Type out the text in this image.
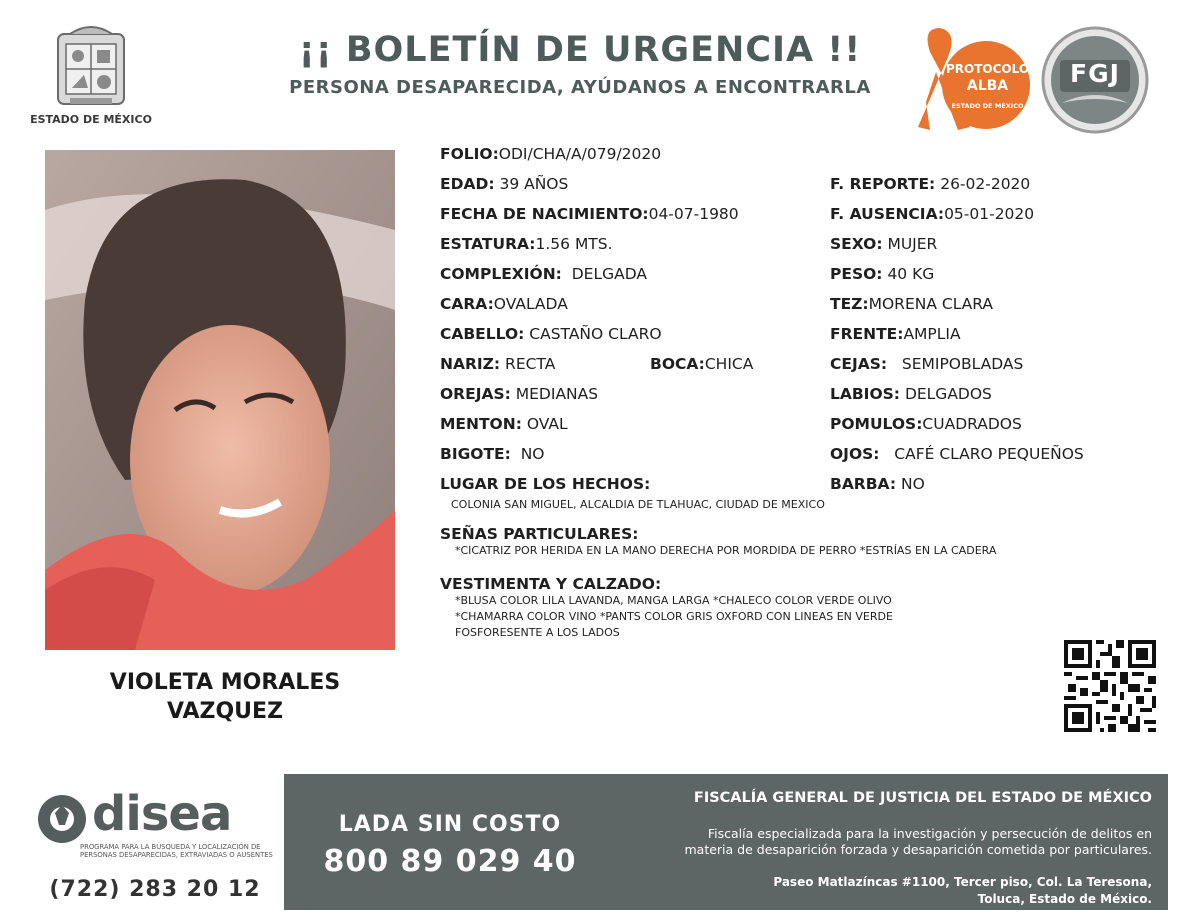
ESTADO DE MÉXICO
¡¡ BOLETÍN DE URGENCIA !!
PERSONA DESAPARECIDA, AYÚDANOS A ENCONTRARLA
PROTOCOLO
ALBA
ESTADO DE MÉXICO
FGJ
VIOLETA MORALES
VAZQUEZ
FOLIO:ODI/CHA/A/079/2020
EDAD: 39 AÑOS
FECHA DE NACIMIENTO:04-07-1980
ESTATURA:1.56 MTS.
COMPLEXIÓN: DELGADA
CARA:OVALADA
CABELLO: CASTAÑO CLARO
NARIZ: RECTA	BOCA:CHICA
OREJAS: MEDIANAS
MENTON: OVAL
BIGOTE: NO
LUGAR DE LOS HECHOS:
COLONIA SAN MIGUEL, ALCALDIA DE TLAHUAC, CIUDAD DE MEXICO
F. REPORTE: 26-02-2020
F. AUSENCIA:05-01-2020
SEXO: MUJER
PESO: 40 KG
TEZ:MORENA CLARA
FRENTE:AMPLIA
CEJAS: SEMIPOBLADAS
LABIOS: DELGADOS
POMULOS:CUADRADOS
OJOS: CAFÉ CLARO PEQUEÑOS
BARBA: NO
SEÑAS PARTICULARES:
*CICATRIZ POR HERIDA EN LA MANO DERECHA POR MORDIDA DE PERRO *ESTRÍAS EN LA CADERA
VESTIMENTA Y CALZADO:
*BLUSA COLOR LILA LAVANDA, MANGA LARGA *CHALECO COLOR VERDE OLIVO
*CHAMARRA COLOR VINO *PANTS COLOR GRIS OXFORD CON LINEAS EN VERDE
FOSFORESENTE A LOS LADOS
disea
PROGRAMA PARA LA BÚSQUEDA Y LOCALIZACIÓN DE PERSONAS DESAPARECIDAS, EXTRAVIADAS O AUSENTES
(722) 283 20 12
LADA SIN COSTO
800 89 029 40
FISCALÍA GENERAL DE JUSTICIA DEL ESTADO DE MÉXICO
Fiscalía especializada para la investigación y persecución de delitos en
materia de desaparición forzada y desaparición cometida por particulares.
Paseo Matlazíncas #1100, Tercer piso, Col. La Teresona,
Toluca, Estado de México.
